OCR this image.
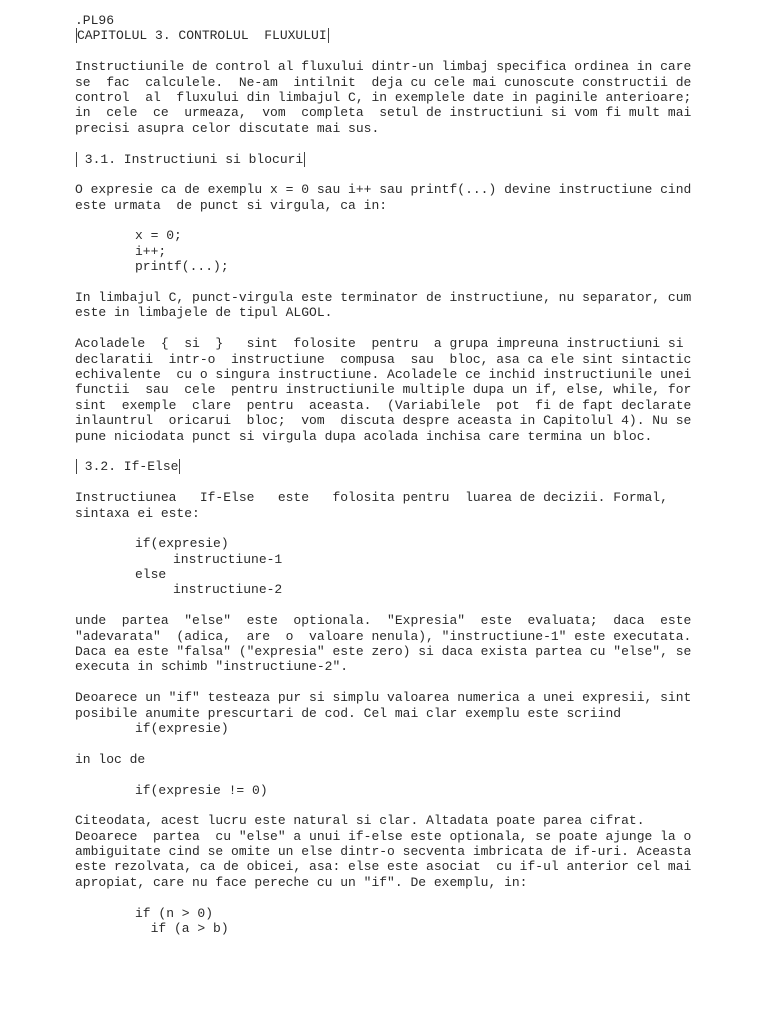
.PL96
CAPITOLUL 3. CONTROLUL  FLUXULUI
Instructiunile de control al fluxului dintr-un limbaj specifica ordinea in care
se  fac  calculele.  Ne-am  intilnit  deja cu cele mai cunoscute constructii de
control  al  fluxului din limbajul C, in exemplele date in paginile anterioare;
in  cele  ce  urmeaza,  vom  completa  setul de instructiuni si vom fi mult mai
precisi asupra celor discutate mai sus.
3.1. Instructiuni si blocuri
O expresie ca de exemplu x = 0 sau i++ sau printf(...) devine instructiune cind
este urmata  de punct si virgula, ca in:
x = 0;
i++;
printf(...);
In limbajul C, punct-virgula este terminator de instructiune, nu separator, cum
este in limbajele de tipul ALGOL.
Acoladele  {  si  }   sint  folosite  pentru  a grupa impreuna instructiuni si
declaratii  intr-o  instructiune  compusa  sau  bloc, asa ca ele sint sintactic
echivalente  cu o singura instructiune. Acoladele ce inchid instructiunile unei
functii  sau  cele  pentru instructiunile multiple dupa un if, else, while, for
sint  exemple  clare  pentru  aceasta.  (Variabilele  pot  fi de fapt declarate
inlauntrul  oricarui  bloc;  vom  discuta despre aceasta in Capitolul 4). Nu se
pune niciodata punct si virgula dupa acolada inchisa care termina un bloc.
3.2. If-Else
Instructiunea   If-Else   este   folosita pentru  luarea de decizii. Formal,
sintaxa ei este:
if(expresie)
instructiune-1
else
instructiune-2
unde  partea  "else"  este  optionala.  "Expresia"  este  evaluata;  daca  este
"adevarata"  (adica,  are  o  valoare nenula), "instructiune-1" este executata.
Daca ea este "falsa" ("expresia" este zero) si daca exista partea cu "else", se
executa in schimb "instructiune-2".
Deoarece un "if" testeaza pur si simplu valoarea numerica a unei expresii, sint
posibile anumite prescurtari de cod. Cel mai clar exemplu este scriind
if(expresie)
in loc de
if(expresie != 0)
Citeodata, acest lucru este natural si clar. Altadata poate parea cifrat.
Deoarece  partea  cu "else" a unui if-else este optionala, se poate ajunge la o
ambiguitate cind se omite un else dintr-o secventa imbricata de if-uri. Aceasta
este rezolvata, ca de obicei, asa: else este asociat  cu if-ul anterior cel mai
apropiat, care nu face pereche cu un "if". De exemplu, in:
if (n > 0)
if (a > b)
